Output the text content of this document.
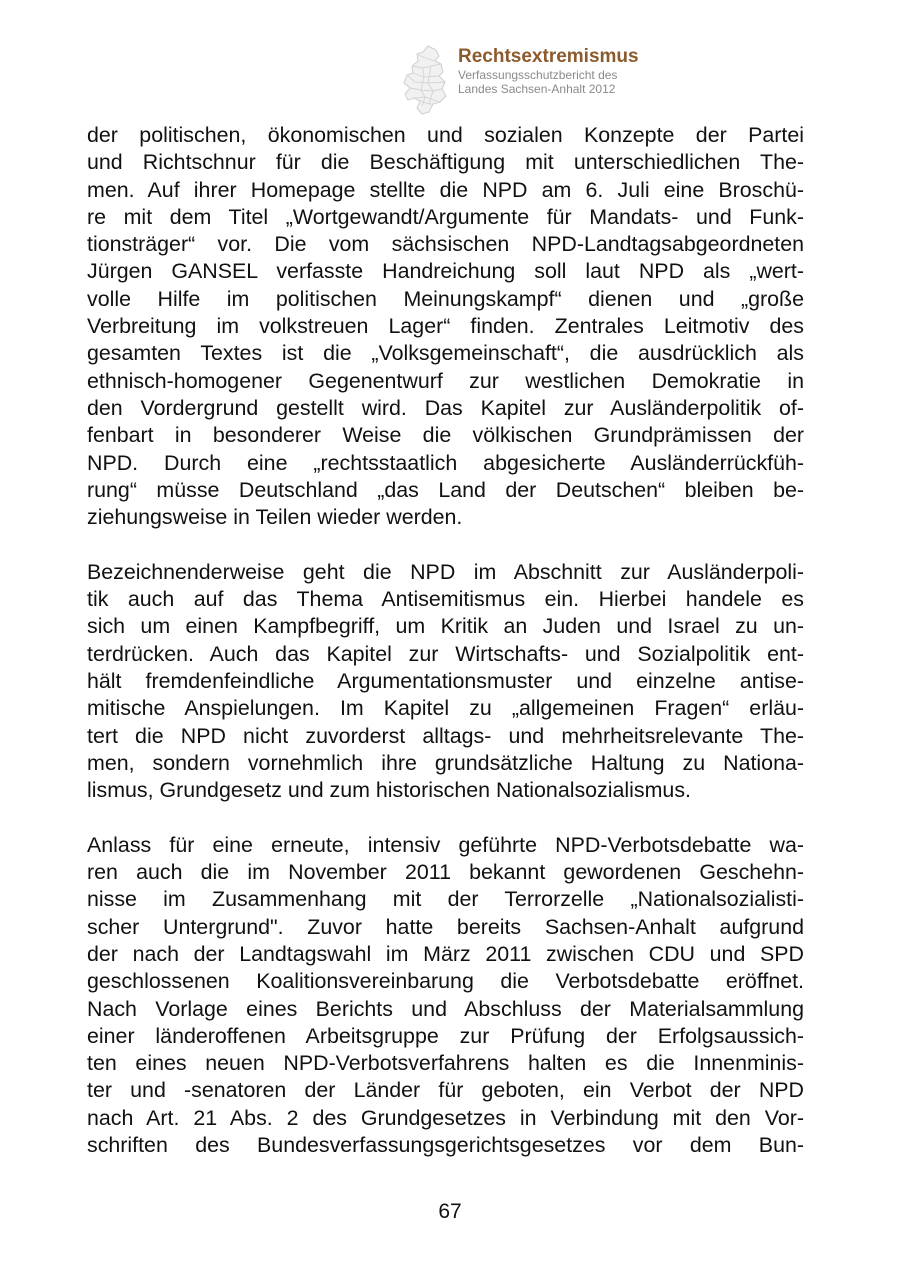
Rechtsextremismus
Verfassungsschutzbericht des
Landes Sachsen-Anhalt 2012
der politischen, ökonomischen und sozialen Konzepte der Partei
und Richtschnur für die Beschäftigung mit unterschiedlichen The-
men. Auf ihrer Homepage stellte die NPD am 6. Juli eine Broschü-
re mit dem Titel „Wortgewandt/Argumente für Mandats- und Funk-
tionsträger“ vor. Die vom sächsischen NPD-Landtagsabgeordneten
Jürgen GANSEL verfasste Handreichung soll laut NPD als „wert-
volle Hilfe im politischen Meinungskampf“ dienen und „große
Verbreitung im volkstreuen Lager“ finden. Zentrales Leitmotiv des
gesamten Textes ist die „Volksgemeinschaft“, die ausdrücklich als
ethnisch-homogener Gegenentwurf zur westlichen Demokratie in
den Vordergrund gestellt wird. Das Kapitel zur Ausländerpolitik of-
fenbart in besonderer Weise die völkischen Grundprämissen der
NPD. Durch eine „rechtsstaatlich abgesicherte Ausländerrückfüh-
rung“ müsse Deutschland „das Land der Deutschen“ bleiben be-
ziehungsweise in Teilen wieder werden.
Bezeichnenderweise geht die NPD im Abschnitt zur Ausländerpoli-
tik auch auf das Thema Antisemitismus ein. Hierbei handele es
sich um einen Kampfbegriff, um Kritik an Juden und Israel zu un-
terdrücken. Auch das Kapitel zur Wirtschafts- und Sozialpolitik ent-
hält fremdenfeindliche Argumentationsmuster und einzelne antise-
mitische Anspielungen. Im Kapitel zu „allgemeinen Fragen“ erläu-
tert die NPD nicht zuvorderst alltags- und mehrheitsrelevante The-
men, sondern vornehmlich ihre grundsätzliche Haltung zu Nationa-
lismus, Grundgesetz und zum historischen Nationalsozialismus.
Anlass für eine erneute, intensiv geführte NPD-Verbotsdebatte wa-
ren auch die im November 2011 bekannt gewordenen Geschehn-
nisse im Zusammenhang mit der Terrorzelle „Nationalsozialisti-
scher Untergrund". Zuvor hatte bereits Sachsen-Anhalt aufgrund
der nach der Landtagswahl im März 2011 zwischen CDU und SPD
geschlossenen Koalitionsvereinbarung die Verbotsdebatte eröffnet.
Nach Vorlage eines Berichts und Abschluss der Materialsammlung
einer länderoffenen Arbeitsgruppe zur Prüfung der Erfolgsaussich-
ten eines neuen NPD-Verbotsverfahrens halten es die Innenminis-
ter und -senatoren der Länder für geboten, ein Verbot der NPD
nach Art. 21 Abs. 2 des Grundgesetzes in Verbindung mit den Vor-
schriften des Bundesverfassungsgerichtsgesetzes vor dem Bun-
67
